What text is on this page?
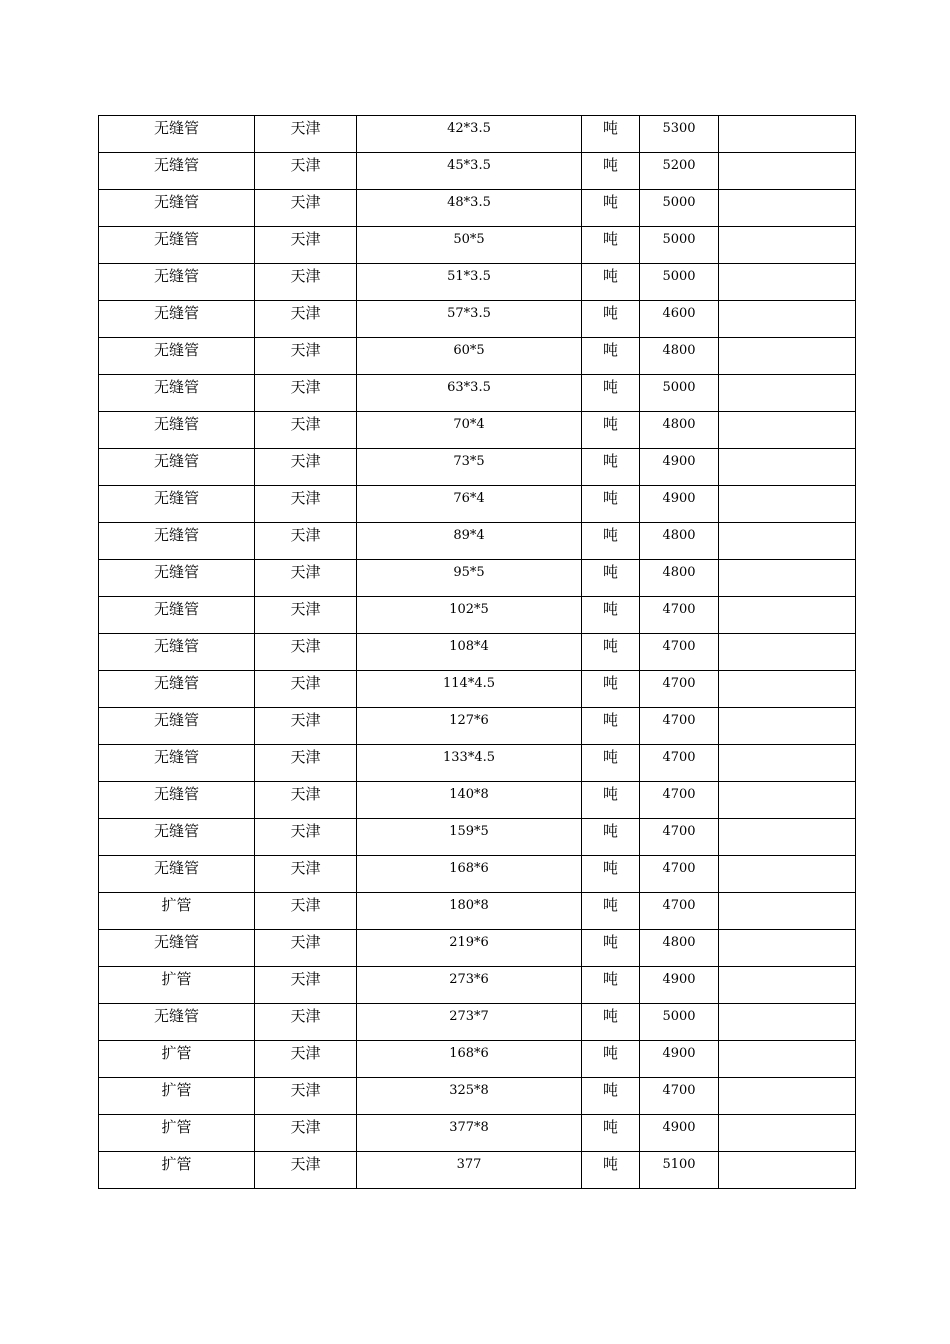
无缝管	天津	42*3.5	吨	5300	

无缝管	天津	45*3.5	吨	5200	

无缝管	天津	48*3.5	吨	5000	

无缝管	天津	50*5	吨	5000	

无缝管	天津	51*3.5	吨	5000	

无缝管	天津	57*3.5	吨	4600	

无缝管	天津	60*5	吨	4800	

无缝管	天津	63*3.5	吨	5000	

无缝管	天津	70*4	吨	4800	

无缝管	天津	73*5	吨	4900	

无缝管	天津	76*4	吨	4900	

无缝管	天津	89*4	吨	4800	

无缝管	天津	95*5	吨	4800	

无缝管	天津	102*5	吨	4700	

无缝管	天津	108*4	吨	4700	

无缝管	天津	114*4.5	吨	4700	

无缝管	天津	127*6	吨	4700	

无缝管	天津	133*4.5	吨	4700	

无缝管	天津	140*8	吨	4700	

无缝管	天津	159*5	吨	4700	

无缝管	天津	168*6	吨	4700	

扩管	天津	180*8	吨	4700	

无缝管	天津	219*6	吨	4800	

扩管	天津	273*6	吨	4900	

无缝管	天津	273*7	吨	5000	

扩管	天津	168*6	吨	4900	

扩管	天津	325*8	吨	4700	

扩管	天津	377*8	吨	4900	

扩管	天津	377	吨	5100	
